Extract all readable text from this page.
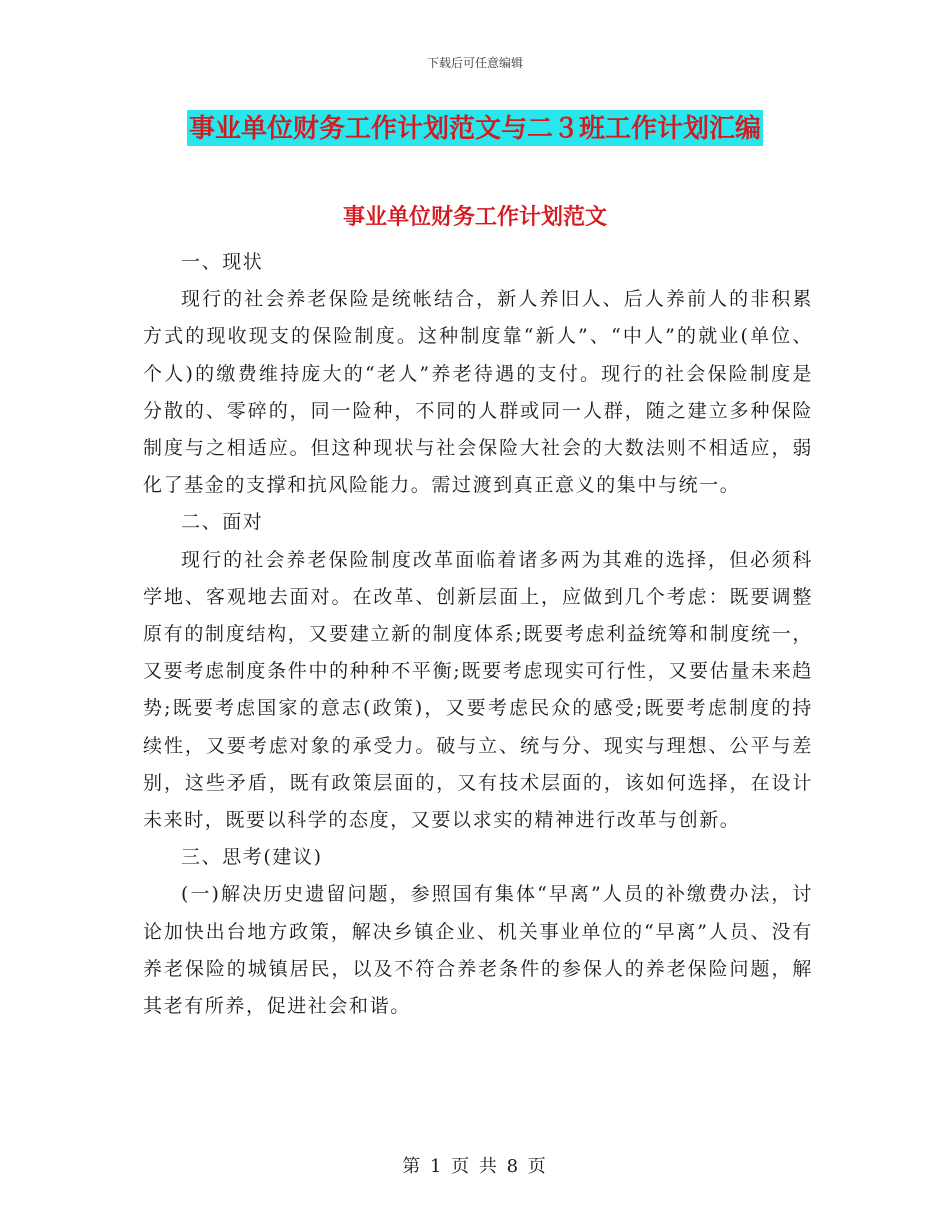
下载后可任意编辑
事业单位财务工作计划范文与二３班工作计划汇编
事业单位财务工作计划范文

一、现状

现行的社会养老保险是统帐结合，新人养旧人、后人养前人的非积累方式的现收现支的保险制度。这种制度靠“新人”、“中人”的就业(单位、个人)的缴费维持庞大的“老人”养老待遇的支付。现行的社会保险制度是分散的、零碎的，同一险种，不同的人群或同一人群，随之建立多种保险制度与之相适应。但这种现状与社会保险大社会的大数法则不相适应，弱化了基金的支撑和抗风险能力。需过渡到真正意义的集中与统一。

二、面对

现行的社会养老保险制度改革面临着诸多两为其难的选择，但必须科学地、客观地去面对。在改革、创新层面上，应做到几个考虑：既要调整原有的制度结构，又要建立新的制度体系;既要考虑利益统筹和制度统一，又要考虑制度条件中的种种不平衡;既要考虑现实可行性，又要估量未来趋势;既要考虑国家的意志(政策)，又要考虑民众的感受;既要考虑制度的持续性，又要考虑对象的承受力。破与立、统与分、现实与理想、公平与差别，这些矛盾，既有政策层面的，又有技术层面的，该如何选择，在设计未来时，既要以科学的态度，又要以求实的精神进行改革与创新。

三、思考(建议)

(一)解决历史遗留问题，参照国有集体“早离”人员的补缴费办法，讨论加快出台地方政策，解决乡镇企业、机关事业单位的“早离”人员、没有养老保险的城镇居民，以及不符合养老条件的参保人的养老保险问题，解其老有所养，促进社会和谐。

第 1 页 共 8 页
